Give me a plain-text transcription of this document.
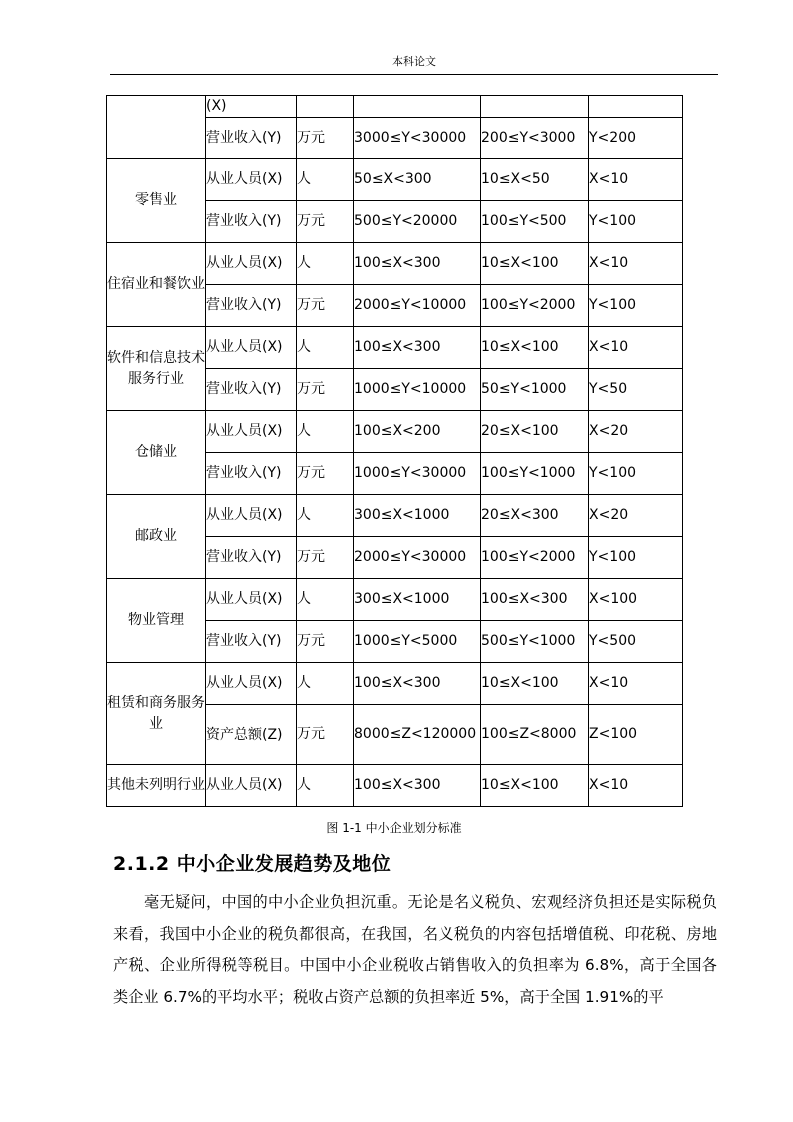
本科论文
	(X)				
	营业收入(Y)	万元	3000≤Y<30000	200≤Y<3000	Y<200
零售业	从业人员(X)	人	50≤X<300	10≤X<50	X<10
	营业收入(Y)	万元	500≤Y<20000	100≤Y<500	Y<100
住宿业和餐饮业	从业人员(X)	人	100≤X<300	10≤X<100	X<10
	营业收入(Y)	万元	2000≤Y<10000	100≤Y<2000	Y<100
软件和信息技术服务行业	从业人员(X)	人	100≤X<300	10≤X<100	X<10
	营业收入(Y)	万元	1000≤Y<10000	50≤Y<1000	Y<50
仓储业	从业人员(X)	人	100≤X<200	20≤X<100	X<20
	营业收入(Y)	万元	1000≤Y<30000	100≤Y<1000	Y<100
邮政业	从业人员(X)	人	300≤X<1000	20≤X<300	X<20
	营业收入(Y)	万元	2000≤Y<30000	100≤Y<2000	Y<100
物业管理	从业人员(X)	人	300≤X<1000	100≤X<300	X<100
	营业收入(Y)	万元	1000≤Y<5000	500≤Y<1000	Y<500
租赁和商务服务业	从业人员(X)	人	100≤X<300	10≤X<100	X<10
	资产总额(Z)	万元	8000≤Z<120000	100≤Z<8000	Z<100
其他未列明行业	从业人员(X)	人	100≤X<300	10≤X<100	X<10
图 1-1 中小企业划分标准
2.1.2 中小企业发展趋势及地位
毫无疑问，中国的中小企业负担沉重。无论是名义税负、宏观经济负担还是实际税负来看，我国中小企业的税负都很高，在我国，名义税负的内容包括增值税、印花税、房地产税、企业所得税等税目。中国中小企业税收占销售收入的负担率为 6.8%，高于全国各类企业 6.7%的平均水平；税收占资产总额的负担率近 5%，高于全国 1.91%的平
